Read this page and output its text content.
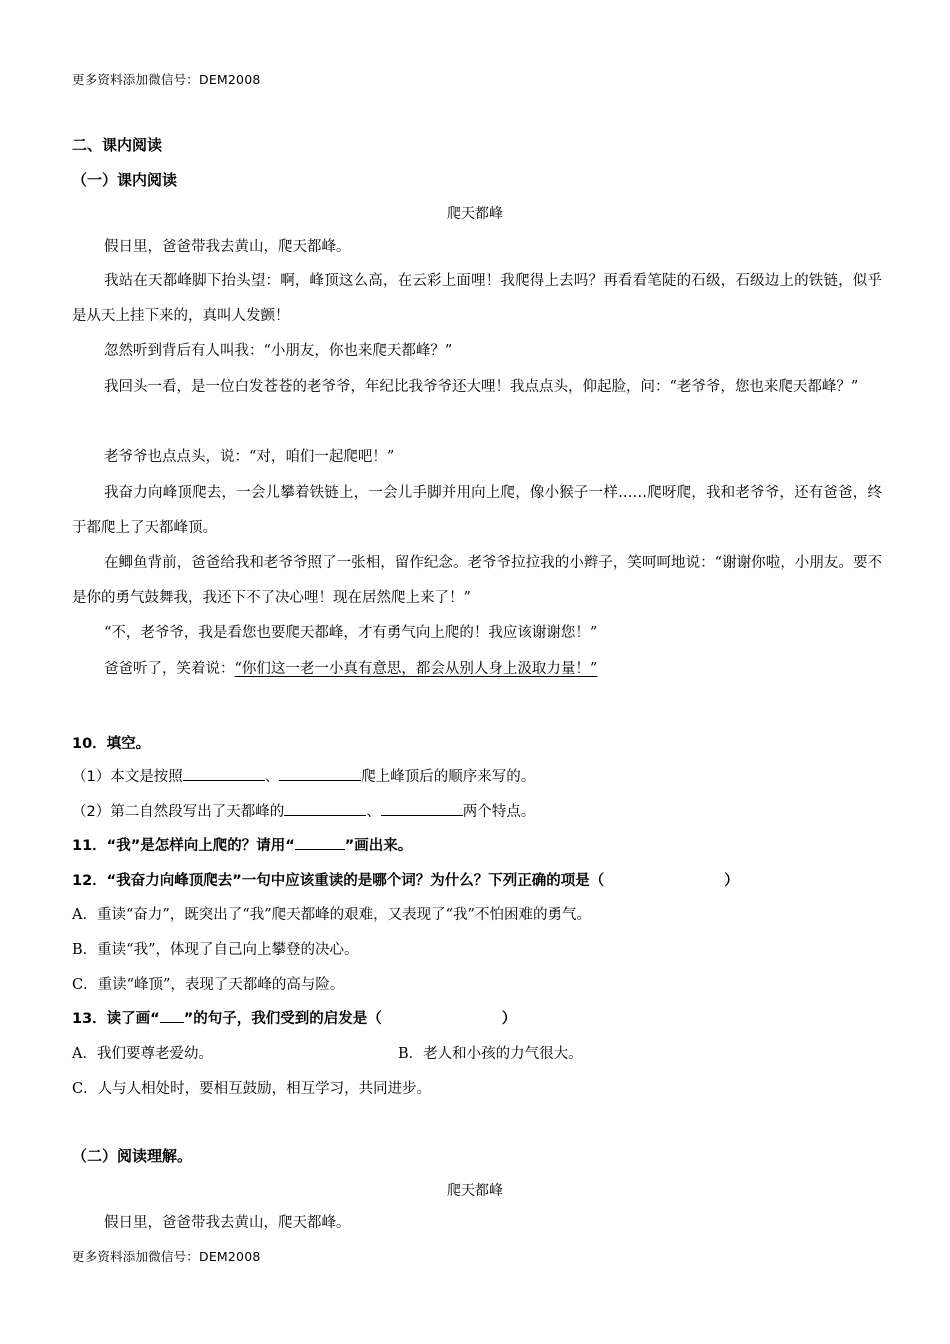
更多资料添加微信号：DEM2008
二、课内阅读
（一）课内阅读
爬天都峰
假日里，爸爸带我去黄山，爬天都峰。
我站在天都峰脚下抬头望：啊，峰顶这么高，在云彩上面哩！我爬得上去吗？再看看笔陡的石级，石级边上的铁链，似乎是从天上挂下来的，真叫人发颤！
忽然听到背后有人叫我：“小朋友，你也来爬天都峰？”
我回头一看，是一位白发苍苍的老爷爷，年纪比我爷爷还大哩！我点点头，仰起脸，问：“老爷爷，您也来爬天都峰？”
老爷爷也点点头，说：“对，咱们一起爬吧！”
我奋力向峰顶爬去，一会儿攀着铁链上，一会儿手脚并用向上爬，像小猴子一样……爬呀爬，我和老爷爷，还有爸爸，终于都爬上了天都峰顶。
在鲫鱼背前，爸爸给我和老爷爷照了一张相，留作纪念。老爷爷拉拉我的小辫子，笑呵呵地说：“谢谢你啦，小朋友。要不是你的勇气鼓舞我，我还下不了决心哩！现在居然爬上来了！”
“不，老爷爷，我是看您也要爬天都峰，才有勇气向上爬的！我应该谢谢您！”
爸爸听了，笑着说：“你们这一老一小真有意思，都会从别人身上汲取力量！”
10．填空。
（1）本文是按照	、	爬上峰顶后的顺序来写的。
（2）第二自然段写出了天都峰的	、	两个特点。
11．“我”是怎样向上爬的？请用“	”画出来。
12．“我奋力向峰顶爬去”一句中应该重读的是哪个词？为什么？下列正确的项是（	）
A．重读“奋力”，既突出了“我”爬天都峰的艰难，又表现了“我”不怕困难的勇气。
B．重读“我”，体现了自己向上攀登的决心。
C．重读“峰顶”，表现了天都峰的高与险。
13．读了画“ ”的句子，我们受到的启发是（	）
A．我们要尊老爱幼。	B．老人和小孩的力气很大。
C．人与人相处时，要相互鼓励，相互学习，共同进步。
（二）阅读理解。
爬天都峰
假日里，爸爸带我去黄山，爬天都峰。
更多资料添加微信号：DEM2008
